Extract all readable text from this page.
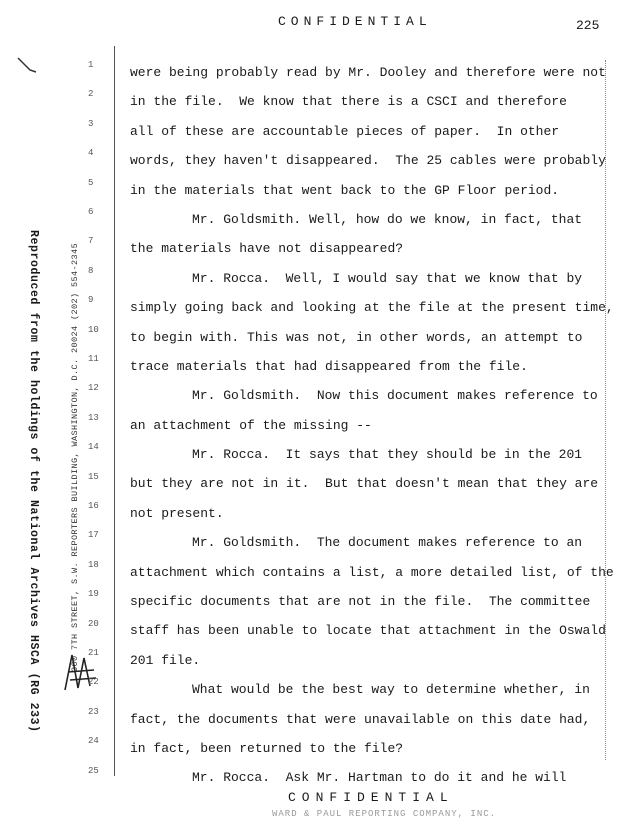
CONFIDENTIAL	225
Reproduced from the holdings of the National Archives HSCA (RG 233)	300 7TH STREET, S.W. REPORTERS BUILDING, WASHINGTON, D.C. 20024 (202) 554-2345
1
2
3
4
5
6
7
8
9
10
11
12
13
14
15
16
17
18
19
20
21
22
23
24
25
were being probably read by Mr. Dooley and therefore were not
in the file.  We know that there is a CSCI and therefore
all of these are accountable pieces of paper.  In other
words, they haven't disappeared.  The 25 cables were probably
in the materials that went back to the GP Floor period.
Mr. Goldsmith. Well, how do we know, in fact, that
the materials have not disappeared?
Mr. Rocca.  Well, I would say that we know that by
simply going back and looking at the file at the present time,
to begin with. This was not, in other words, an attempt to
trace materials that had disappeared from the file.
Mr. Goldsmith.  Now this document makes reference to
an attachment of the missing --
Mr. Rocca.  It says that they should be in the 201
but they are not in it.  But that doesn't mean that they are
not present.
Mr. Goldsmith.  The document makes reference to an
attachment which contains a list, a more detailed list, of the
specific documents that are not in the file.  The committee
staff has been unable to locate that attachment in the Oswald
201 file.
What would be the best way to determine whether, in
fact, the documents that were unavailable on this date had,
in fact, been returned to the file?
Mr. Rocca.  Ask Mr. Hartman to do it and he will
CONFIDENTIAL
WARD & PAUL REPORTING COMPANY, INC.
